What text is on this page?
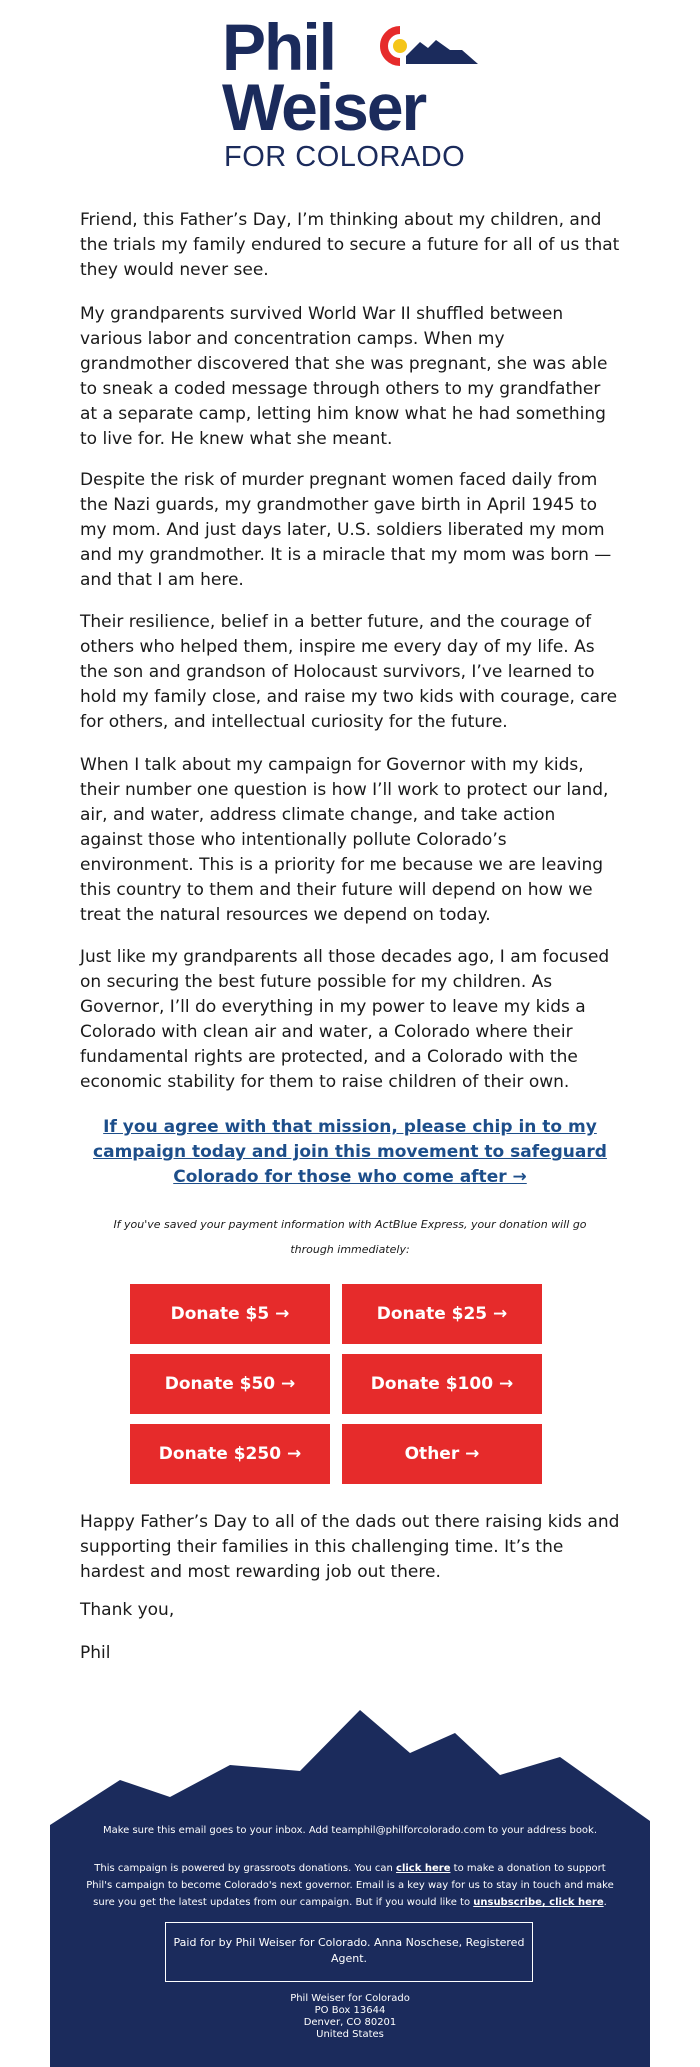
Phil
Weiser
FOR COLORADO

Friend, this Father’s Day, I’m thinking about my children, and the trials my family endured to secure a future for all of us that they would never see.

My grandparents survived World War II shuffled between various labor and concentration camps. When my grandmother discovered that she was pregnant, she was able to sneak a coded message through others to my grandfather at a separate camp, letting him know what he had something to live for. He knew what she meant.

Despite the risk of murder pregnant women faced daily from the Nazi guards, my grandmother gave birth in April 1945 to my mom. And just days later, U.S. soldiers liberated my mom and my grandmother. It is a miracle that my mom was born — and that I am here.

Their resilience, belief in a better future, and the courage of others who helped them, inspire me every day of my life. As the son and grandson of Holocaust survivors, I’ve learned to hold my family close, and raise my two kids with courage, care for others, and intellectual curiosity for the future.

When I talk about my campaign for Governor with my kids, their number one question is how I’ll work to protect our land, air, and water, address climate change, and take action against those who intentionally pollute Colorado’s environment. This is a priority for me because we are leaving this country to them and their future will depend on how we treat the natural resources we depend on today.

Just like my grandparents all those decades ago, I am focused on securing the best future possible for my children. As Governor, I’ll do everything in my power to leave my kids a Colorado with clean air and water, a Colorado where their fundamental rights are protected, and a Colorado with the economic stability for them to raise children of their own.

If you agree with that mission, please chip in to my campaign today and join this movement to safeguard Colorado for those who come after →
If you've saved your payment information with ActBlue Express, your donation will go through immediately:
Donate $5 →	Donate $25 →
Donate $50 →	Donate $100 →
Donate $250 →	Other →

Happy Father’s Day to all of the dads out there raising kids and supporting their families in this challenging time. It’s the hardest and most rewarding job out there.

Thank you,

Phil

Make sure this email goes to your inbox. Add teamphil@philforcolorado.com to your address book.
This campaign is powered by grassroots donations. You can click here to make a donation to support Phil's campaign to become Colorado's next governor. Email is a key way for us to stay in touch and make sure you get the latest updates from our campaign. But if you would like to unsubscribe, click here.
Paid for by Phil Weiser for Colorado. Anna Noschese, Registered Agent.
Phil Weiser for Colorado
PO Box 13644
Denver, CO 80201
United States
